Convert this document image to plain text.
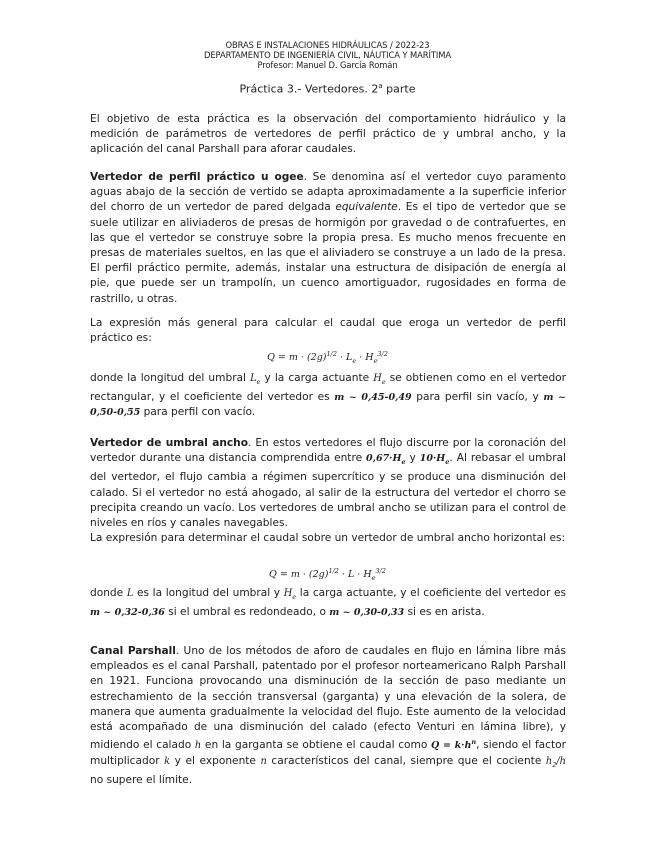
OBRAS E INSTALACIONES HIDRÁULICAS / 2022-23
DEPARTAMENTO DE INGENIERÍA CIVIL, NÁUTICA Y MARÍTIMA
Profesor: Manuel D. García Román
Práctica 3.- Vertedores. 2$^a$ parte

El objetivo de esta práctica es la observación del comportamiento hidráulico y la medición de parámetros de vertedores de perfil práctico de y umbral ancho, y la aplicación del canal Parshall para aforar caudales.

Vertedor de perfil práctico u ogee. Se denomina así el vertedor cuyo paramento aguas abajo de la sección de vertido se adapta aproximadamente a la superficie inferior del chorro de un vertedor de pared delgada equivalente. Es el tipo de vertedor que se suele utilizar en aliviaderos de presas de hormigón por gravedad o de contrafuertes, en las que el vertedor se construye sobre la propia presa. Es mucho menos frecuente en presas de materiales sueltos, en las que el aliviadero se construye a un lado de la presa. El perfil práctico permite, además, instalar una estructura de disipación de energía al pie, que puede ser un trampolín, un cuenco amortiguador, rugosidades en forma de rastrillo, u otras.

La expresión más general para calcular el caudal que eroga un vertedor de perfil práctico es:

$Q = m \cdot (2g)^{1/2} \cdot L_e \cdot H_e^{3/2}$

donde la longitud del umbral $L_e$ y la carga actuante $H_e$ se obtienen como en el vertedor rectangular, y el coeficiente del vertedor es m ~ 0,45-0,49 para perfil sin vacío, y m ~ 0,50-0,55 para perfil con vacío.

Vertedor de umbral ancho. En estos vertedores el flujo discurre por la coronación del vertedor durante una distancia comprendida entre $0,67\cdot H_e$ y $10\cdot H_e$. Al rebasar el umbral del vertedor, el flujo cambia a régimen supercrítico y se produce una disminución del calado. Si el vertedor no está ahogado, al salir de la estructura del vertedor el chorro se precipita creando un vacío. Los vertedores de umbral ancho se utilizan para el control de niveles en ríos y canales navegables.

La expresión para determinar el caudal sobre un vertedor de umbral ancho horizontal es:

$Q = m \cdot (2g)^{1/2} \cdot L \cdot H_e^{3/2}$

donde L es la longitud del umbral y $H_e$ la carga actuante, y el coeficiente del vertedor es m ~ 0,32-0,36 si el umbral es redondeado, o m ~ 0,30-0,33 si es en arista.

Canal Parshall. Uno de los métodos de aforo de caudales en flujo en lámina libre más empleados es el canal Parshall, patentado por el profesor norteamericano Ralph Parshall en 1921. Funciona provocando una disminución de la sección de paso mediante un estrechamiento de la sección transversal (garganta) y una elevación de la solera, de manera que aumenta gradualmente la velocidad del flujo. Este aumento de la velocidad está acompañado de una disminución del calado (efecto Venturi en lámina libre), y midiendo el calado h en la garganta se obtiene el caudal como $Q = k\cdot h^n$, siendo el factor multiplicador k y el exponente n característicos del canal, siempre que el cociente $h_2/h$ no supere el límite.
